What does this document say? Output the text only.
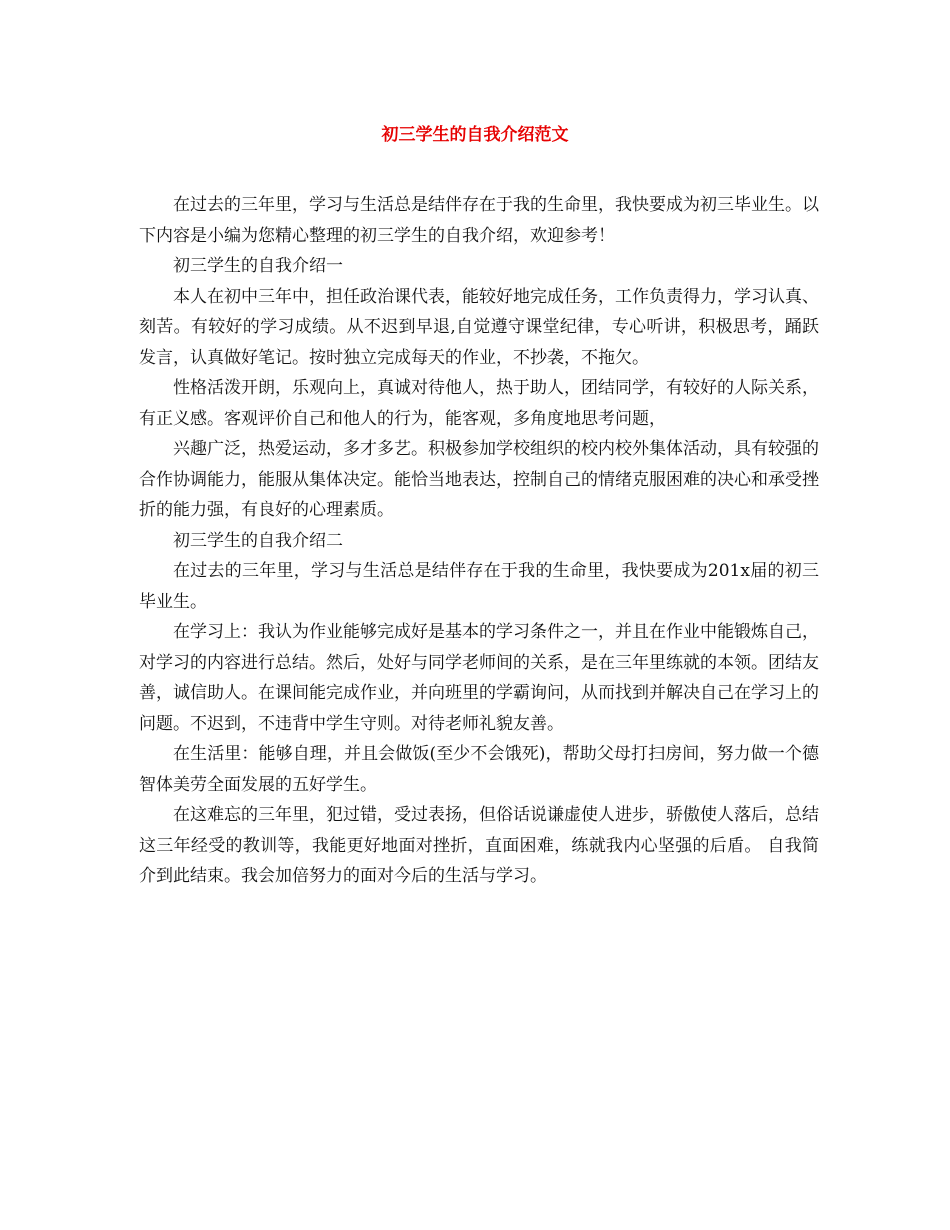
初三学生的自我介绍范文

在过去的三年里，学习与生活总是结伴存在于我的生命里，我快要成为初三毕业生。以下内容是小编为您精心整理的初三学生的自我介绍，欢迎参考！

初三学生的自我介绍一

本人在初中三年中，担任政治课代表，能较好地完成任务，工作负责得力，学习认真、刻苦。有较好的学习成绩。从不迟到早退,自觉遵守课堂纪律，专心听讲，积极思考，踊跃发言，认真做好笔记。按时独立完成每天的作业，不抄袭，不拖欠。

性格活泼开朗，乐观向上，真诚对待他人，热于助人，团结同学，有较好的人际关系，有正义感。客观评价自己和他人的行为，能客观，多角度地思考问题，

兴趣广泛，热爱运动，多才多艺。积极参加学校组织的校内校外集体活动，具有较强的合作协调能力，能服从集体决定。能恰当地表达，控制自己的情绪克服困难的决心和承受挫折的能力强，有良好的心理素质。

初三学生的自我介绍二

在过去的三年里，学习与生活总是结伴存在于我的生命里，我快要成为201x届的初三毕业生。

在学习上：我认为作业能够完成好是基本的学习条件之一，并且在作业中能锻炼自己，对学习的内容进行总结。然后，处好与同学老师间的关系，是在三年里练就的本领。团结友善，诚信助人。在课间能完成作业，并向班里的学霸询问，从而找到并解决自己在学习上的问题。不迟到，不违背中学生守则。对待老师礼貌友善。

在生活里：能够自理，并且会做饭(至少不会饿死)，帮助父母打扫房间，努力做一个德智体美劳全面发展的五好学生。

在这难忘的三年里，犯过错，受过表扬，但俗话说谦虚使人进步，骄傲使人落后，总结这三年经受的教训等，我能更好地面对挫折，直面困难，练就我内心坚强的后盾。 自我简介到此结束。我会加倍努力的面对今后的生活与学习。
